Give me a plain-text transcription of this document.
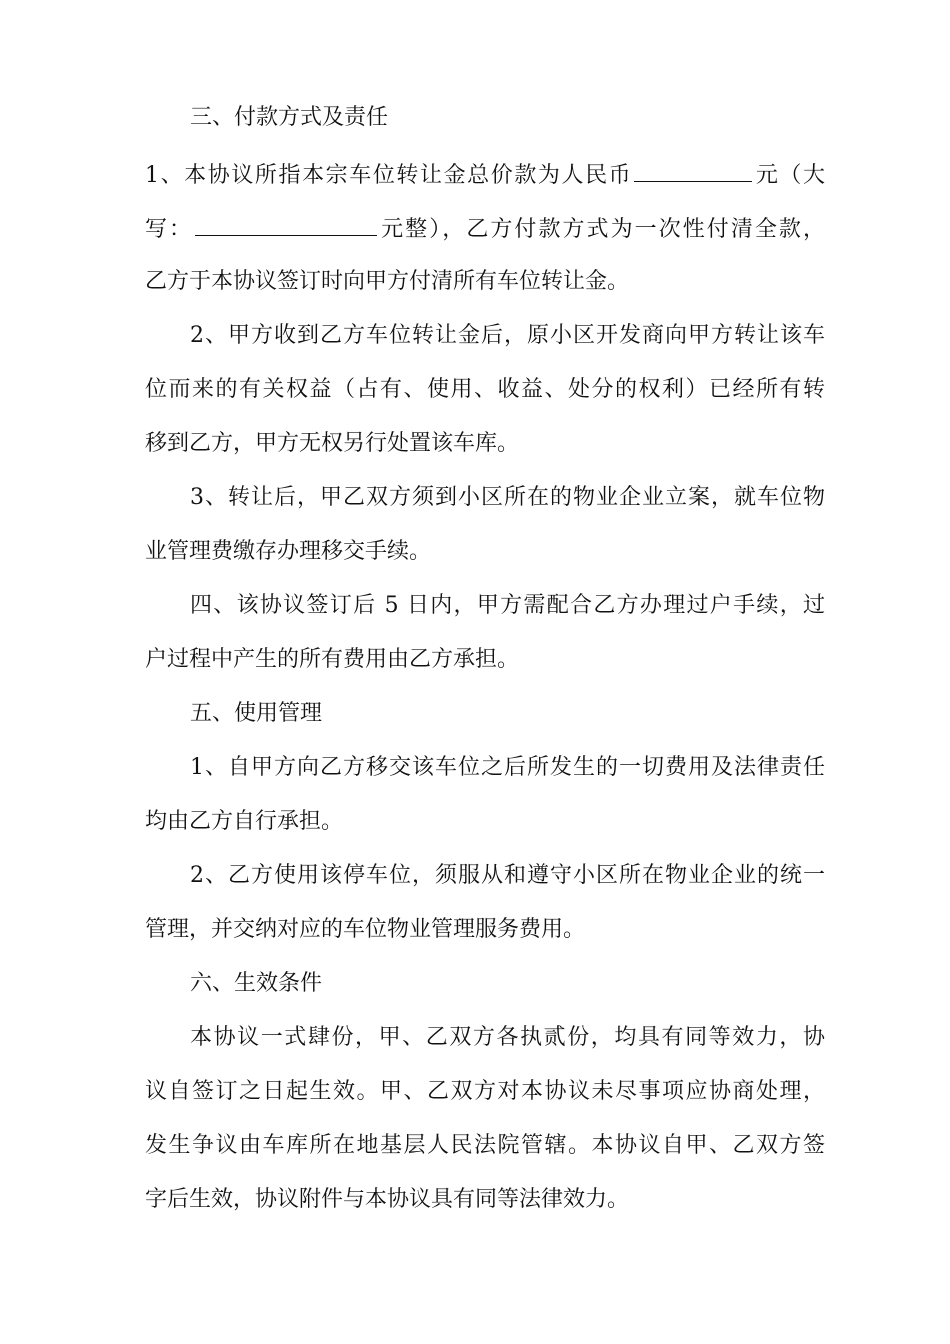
三、付款方式及责任
1、本协议所指本宗车位转让金总价款为人民币	元（大
写：	元整），乙方付款方式为一次性付清全款，
乙方于本协议签订时向甲方付清所有车位转让金。
2、甲方收到乙方车位转让金后，原小区开发商向甲方转让该车
位而来的有关权益（占有、使用、收益、处分的权利）已经所有转
移到乙方，甲方无权另行处置该车库。
3、转让后，甲乙双方须到小区所在的物业企业立案，就车位物
业管理费缴存办理移交手续。
四、该协议签订后 5 日内，甲方需配合乙方办理过户手续，过
户过程中产生的所有费用由乙方承担。
五、使用管理
1、自甲方向乙方移交该车位之后所发生的一切费用及法律责任
均由乙方自行承担。
2、乙方使用该停车位，须服从和遵守小区所在物业企业的统一
管理，并交纳对应的车位物业管理服务费用。
六、生效条件
本协议一式肆份，甲、乙双方各执贰份，均具有同等效力，协
议自签订之日起生效。甲、乙双方对本协议未尽事项应协商处理，
发生争议由车库所在地基层人民法院管辖。本协议自甲、乙双方签
字后生效，协议附件与本协议具有同等法律效力。
